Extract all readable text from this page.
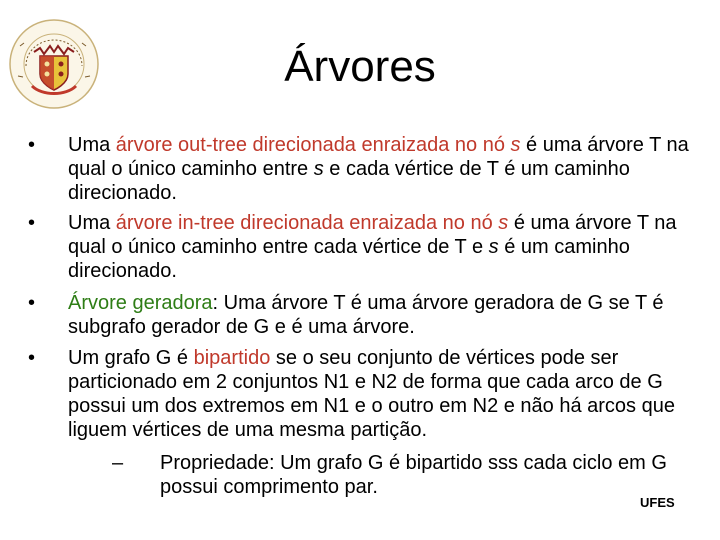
Árvores
• Uma árvore out-tree direcionada enraizada no nó s é uma árvore T na qual o único caminho entre s e cada vértice de T é um caminho direcionado.
• Uma árvore in-tree direcionada enraizada no nó s é uma árvore T na qual o único caminho entre cada vértice de T e s é um caminho direcionado.
• Árvore geradora: Uma árvore T é uma árvore geradora de G se T é subgrafo gerador de G e é uma árvore.
• Um grafo G é bipartido se o seu conjunto de vértices pode ser particionado em 2 conjuntos N1 e N2 de forma que cada arco de G possui um dos extremos em N1 e o outro em N2 e não há arcos que liguem vértices de uma mesma partição.
– Propriedade: Um grafo G é bipartido sss cada ciclo em G possui comprimento par.
UFES
